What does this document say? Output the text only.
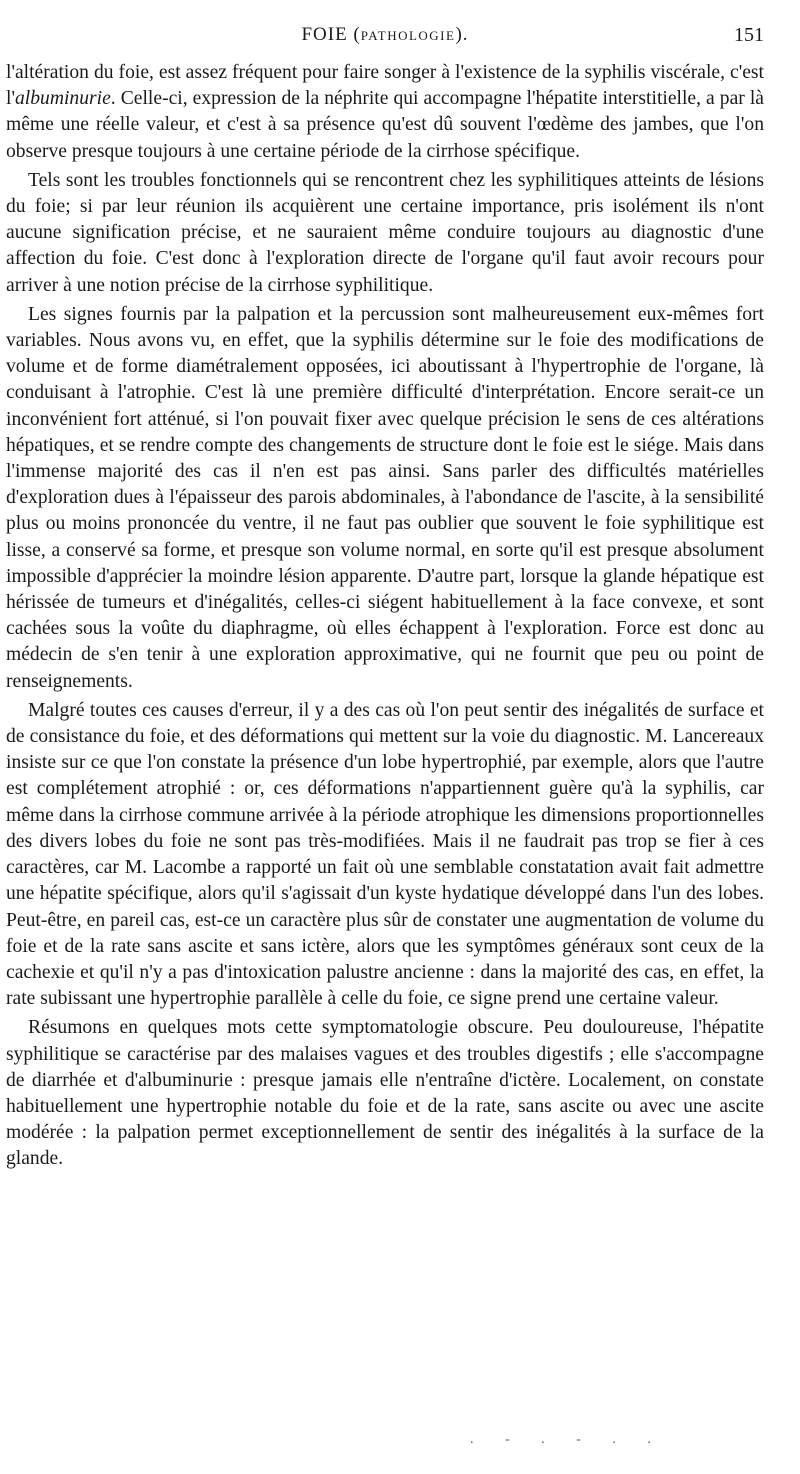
FOIE (PATHOLOGIE).	151

l'altération du foie, est assez fréquent pour faire songer à l'existence de la syphilis viscérale, c'est l'albuminurie. Celle-ci, expression de la néphrite qui accompagne l'hépatite interstitielle, a par là même une réelle valeur, et c'est à sa présence qu'est dû souvent l'œdème des jambes, que l'on observe presque toujours à une certaine période de la cirrhose spécifique.

Tels sont les troubles fonctionnels qui se rencontrent chez les syphilitiques atteints de lésions du foie; si par leur réunion ils acquièrent une certaine importance, pris isolément ils n'ont aucune signification précise, et ne sauraient même conduire toujours au diagnostic d'une affection du foie. C'est donc à l'exploration directe de l'organe qu'il faut avoir recours pour arriver à une notion précise de la cirrhose syphilitique.

Les signes fournis par la palpation et la percussion sont malheureusement eux-mêmes fort variables. Nous avons vu, en effet, que la syphilis détermine sur le foie des modifications de volume et de forme diamétralement opposées, ici aboutissant à l'hypertrophie de l'organe, là conduisant à l'atrophie. C'est là une première difficulté d'interprétation. Encore serait-ce un inconvénient fort atténué, si l'on pouvait fixer avec quelque précision le sens de ces altérations hépatiques, et se rendre compte des changements de structure dont le foie est le siége. Mais dans l'immense majorité des cas il n'en est pas ainsi. Sans parler des difficultés matérielles d'exploration dues à l'épaisseur des parois abdominales, à l'abondance de l'ascite, à la sensibilité plus ou moins prononcée du ventre, il ne faut pas oublier que souvent le foie syphilitique est lisse, a conservé sa forme, et presque son volume normal, en sorte qu'il est presque absolument impossible d'apprécier la moindre lésion apparente. D'autre part, lorsque la glande hépatique est hérissée de tumeurs et d'inégalités, celles-ci siégent habituellement à la face convexe, et sont cachées sous la voûte du diaphragme, où elles échappent à l'exploration. Force est donc au médecin de s'en tenir à une exploration approximative, qui ne fournit que peu ou point de renseignements.

Malgré toutes ces causes d'erreur, il y a des cas où l'on peut sentir des inégalités de surface et de consistance du foie, et des déformations qui mettent sur la voie du diagnostic. M. Lancereaux insiste sur ce que l'on constate la présence d'un lobe hypertrophié, par exemple, alors que l'autre est complétement atrophié : or, ces déformations n'appartiennent guère qu'à la syphilis, car même dans la cirrhose commune arrivée à la période atrophique les dimensions proportionnelles des divers lobes du foie ne sont pas très-modifiées. Mais il ne faudrait pas trop se fier à ces caractères, car M. Lacombe a rapporté un fait où une semblable constatation avait fait admettre une hépatite spécifique, alors qu'il s'agissait d'un kyste hydatique développé dans l'un des lobes. Peut-être, en pareil cas, est-ce un caractère plus sûr de constater une augmentation de volume du foie et de la rate sans ascite et sans ictère, alors que les symptômes généraux sont ceux de la cachexie et qu'il n'y a pas d'intoxication palustre ancienne : dans la majorité des cas, en effet, la rate subissant une hypertrophie parallèle à celle du foie, ce signe prend une certaine valeur.

Résumons en quelques mots cette symptomatologie obscure. Peu douloureuse, l'hépatite syphilitique se caractérise par des malaises vagues et des troubles digestifs ; elle s'accompagne de diarrhée et d'albuminurie : presque jamais elle n'entraîne d'ictère. Localement, on constate habituellement une hypertrophie notable du foie et de la rate, sans ascite ou avec une ascite modérée : la palpation permet exceptionnellement de sentir des inégalités à la surface de la glande.

. - . - . .
